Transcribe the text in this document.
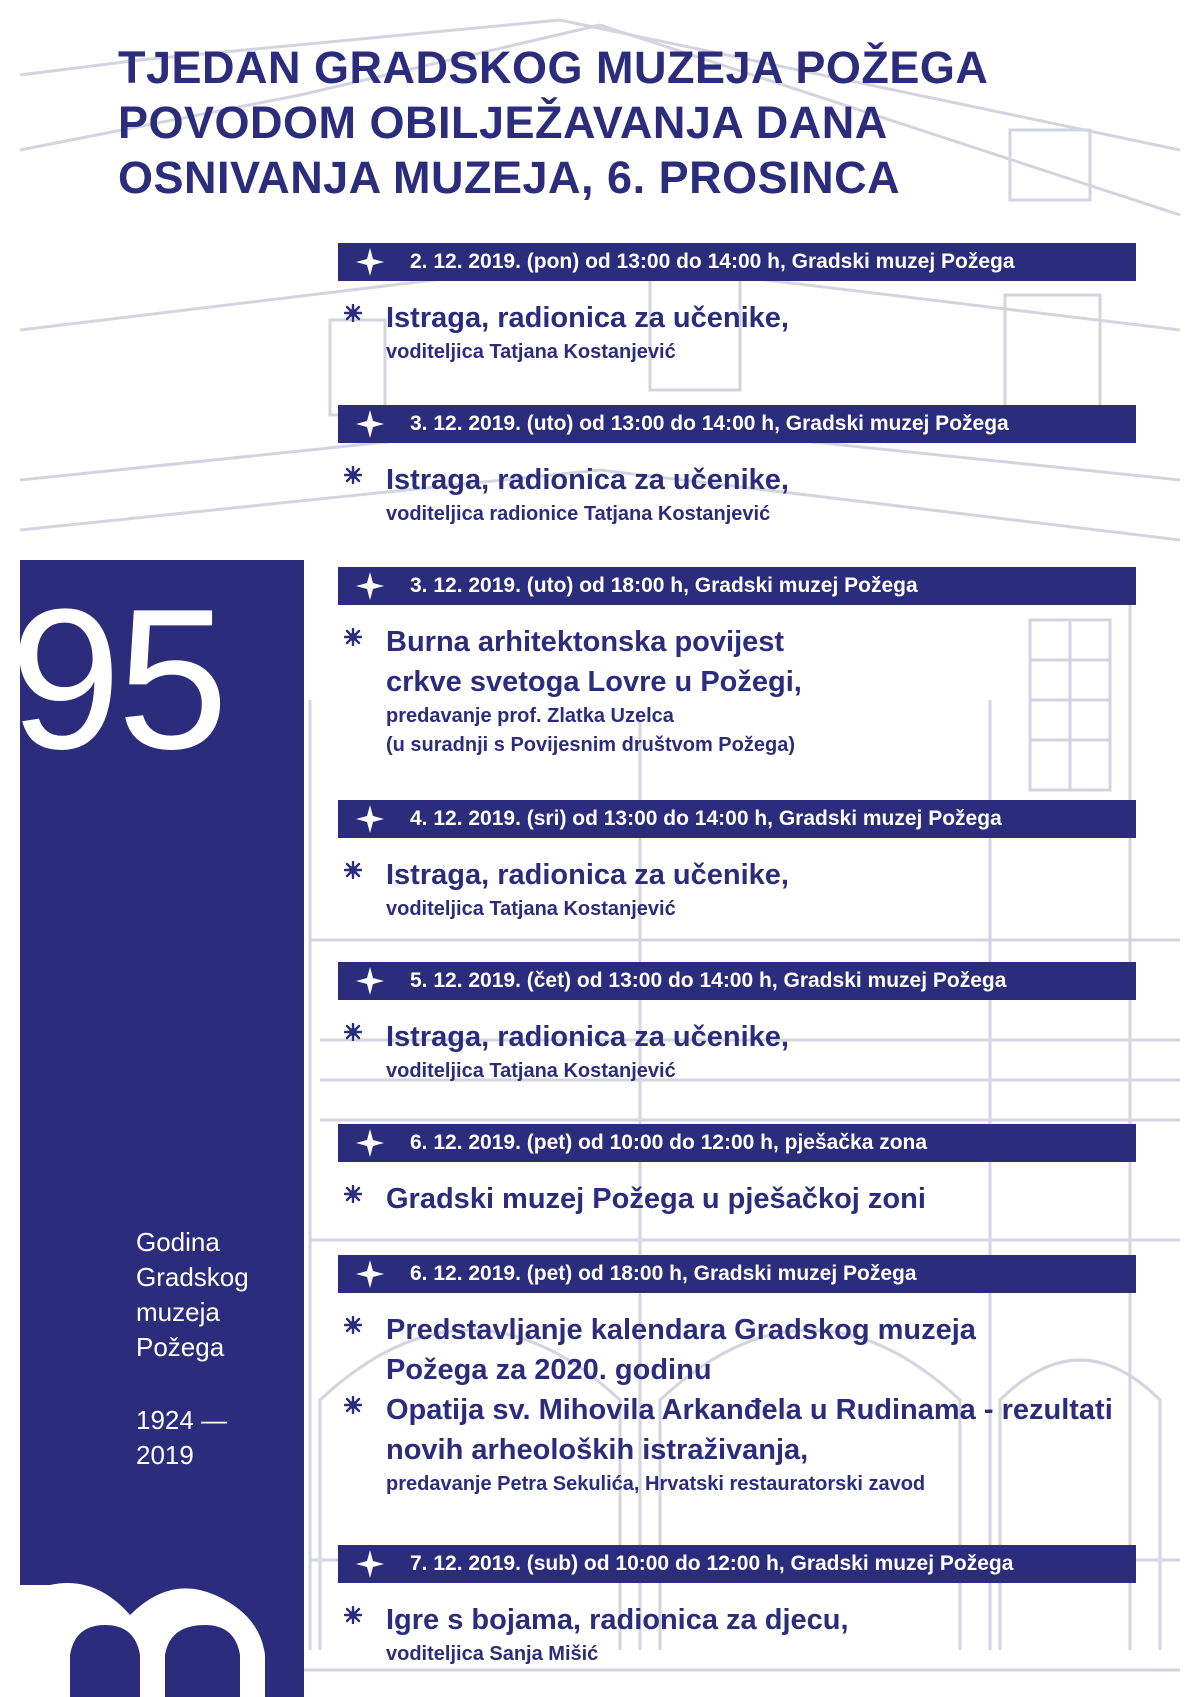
TJEDAN GRADSKOG MUZEJA POŽEGA
POVODOM OBILJEŽAVANJA DANA
OSNIVANJA MUZEJA, 6. PROSINCA
95
Godina
Gradskog
muzeja
Požega
1924 —
2019
2. 12. 2019. (pon) od 13:00 do 14:00 h, Gradski muzej Požega
Istraga, radionica za učenike,
voditeljica Tatjana Kostanjević
3. 12. 2019. (uto) od 13:00 do 14:00 h, Gradski muzej Požega
Istraga, radionica za učenike,
voditeljica radionice Tatjana Kostanjević
3. 12. 2019. (uto) od 18:00 h, Gradski muzej Požega
Burna arhitektonska povijest
crkve svetoga Lovre u Požegi,
predavanje prof. Zlatka Uzelca
(u suradnji s Povijesnim društvom Požega)
4. 12. 2019. (sri) od 13:00 do 14:00 h, Gradski muzej Požega
Istraga, radionica za učenike,
voditeljica Tatjana Kostanjević
5. 12. 2019. (čet) od 13:00 do 14:00 h, Gradski muzej Požega
Istraga, radionica za učenike,
voditeljica Tatjana Kostanjević
6. 12. 2019. (pet) od 10:00 do 12:00 h, pješačka zona
Gradski muzej Požega u pješačkoj zoni
6. 12. 2019. (pet) od 18:00 h, Gradski muzej Požega
Predstavljanje kalendara Gradskog muzeja
Požega za 2020. godinu
Opatija sv. Mihovila Arkanđela u Rudinama - rezultati
novih arheoloških istraživanja,
predavanje Petra Sekulića, Hrvatski restauratorski zavod
7. 12. 2019. (sub) od 10:00 do 12:00 h, Gradski muzej Požega
Igre s bojama, radionica za djecu,
voditeljica Sanja Mišić
